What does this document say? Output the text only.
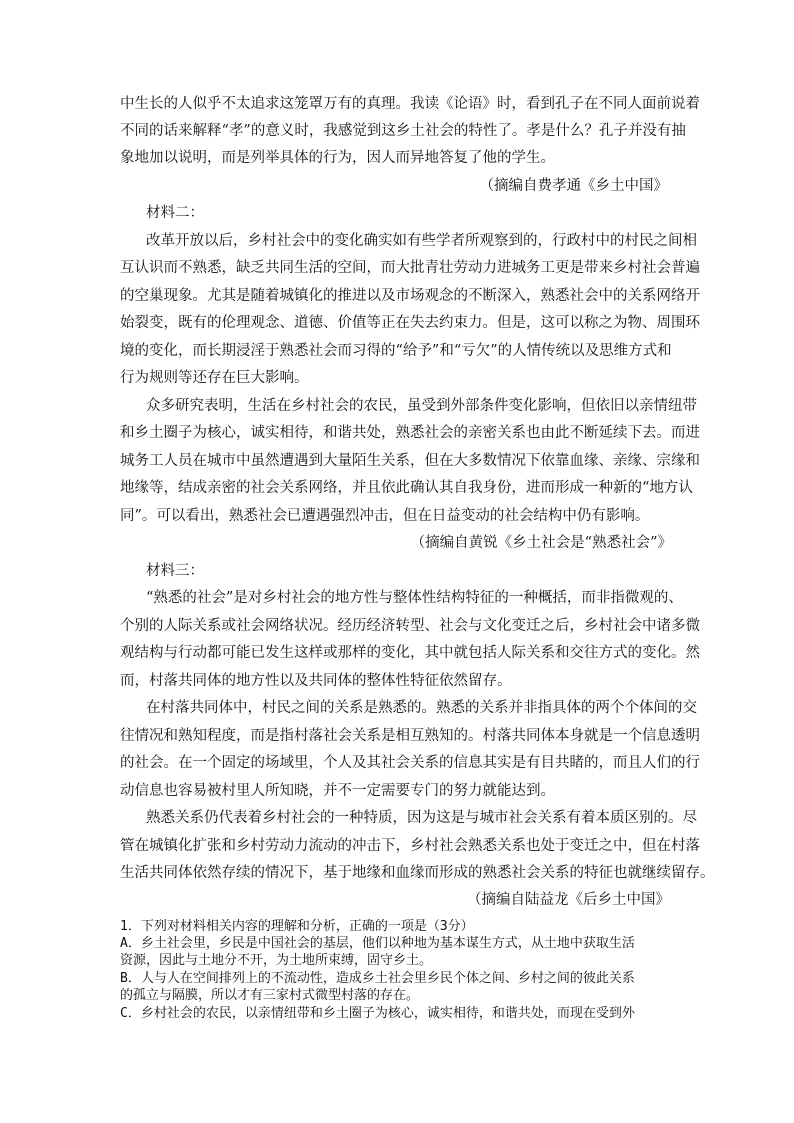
中生长的人似乎不太追求这笼罩万有的真理。我读《论语》时，看到孔子在不同人面前说着
不同的话来解释“孝”的意义时，我感觉到这乡土社会的特性了。孝是什么？孔子并没有抽
象地加以说明，而是列举具体的行为，因人而异地答复了他的学生。
（摘编自费孝通《乡土中国》
材料二：
改革开放以后，乡村社会中的变化确实如有些学者所观察到的，行政村中的村民之间相
互认识而不熟悉，缺乏共同生活的空间，而大批青壮劳动力进城务工更是带来乡村社会普遍
的空巢现象。尤其是随着城镇化的推进以及市场观念的不断深入，熟悉社会中的关系网络开
始裂变，既有的伦理观念、道德、价值等正在失去约束力。但是，这可以称之为物、周围环
境的变化，而长期浸淫于熟悉社会而习得的“给予”和“亏欠”的人情传统以及思维方式和
行为规则等还存在巨大影响。
众多研究表明，生活在乡村社会的农民，虽受到外部条件变化影响，但依旧以亲情纽带
和乡土圈子为核心，诚实相待，和谐共处，熟悉社会的亲密关系也由此不断延续下去。而进
城务工人员在城市中虽然遭遇到大量陌生关系，但在大多数情况下依靠血缘、亲缘、宗缘和
地缘等，结成亲密的社会关系网络，并且依此确认其自我身份，进而形成一种新的“地方认
同”。可以看出，熟悉社会已遭遇强烈冲击，但在日益变动的社会结构中仍有影响。
（摘编自黄锐《乡土社会是“熟悉社会”》
材料三：
“熟悉的社会”是对乡村社会的地方性与整体性结构特征的一种概括，而非指微观的、
个别的人际关系或社会网络状况。经历经济转型、社会与文化变迁之后，乡村社会中诸多微
观结构与行动都可能已发生这样或那样的变化，其中就包括人际关系和交往方式的变化。然
而，村落共同体的地方性以及共同体的整体性特征依然留存。
在村落共同体中，村民之间的关系是熟悉的。熟悉的关系并非指具体的两个个体间的交
往情况和熟知程度，而是指村落社会关系是相互熟知的。村落共同体本身就是一个信息透明
的社会。在一个固定的场域里，个人及其社会关系的信息其实是有目共睹的，而且人们的行
动信息也容易被村里人所知晓，并不一定需要专门的努力就能达到。
熟悉关系仍代表着乡村社会的一种特质，因为这是与城市社会关系有着本质区别的。尽
管在城镇化扩张和乡村劳动力流动的冲击下，乡村社会熟悉关系也处于变迁之中，但在村落
生活共同体依然存续的情况下，基于地缘和血缘而形成的熟悉社会关系的特征也就继续留存。
（摘编自陆益龙《后乡土中国》
1．下列对材料相关内容的理解和分析，正确的一项是（3分）
A．乡土社会里，乡民是中国社会的基层，他们以种地为基本谋生方式，从土地中获取生活
资源，因此与土地分不开，为土地所束缚，固守乡土。
B．人与人在空间排列上的不流动性，造成乡土社会里乡民个体之间、乡村之间的彼此关系
的孤立与隔膜，所以才有三家村式微型村落的存在。
C．乡村社会的农民，以亲情纽带和乡土圈子为核心，诚实相待，和谐共处，而现在受到外
